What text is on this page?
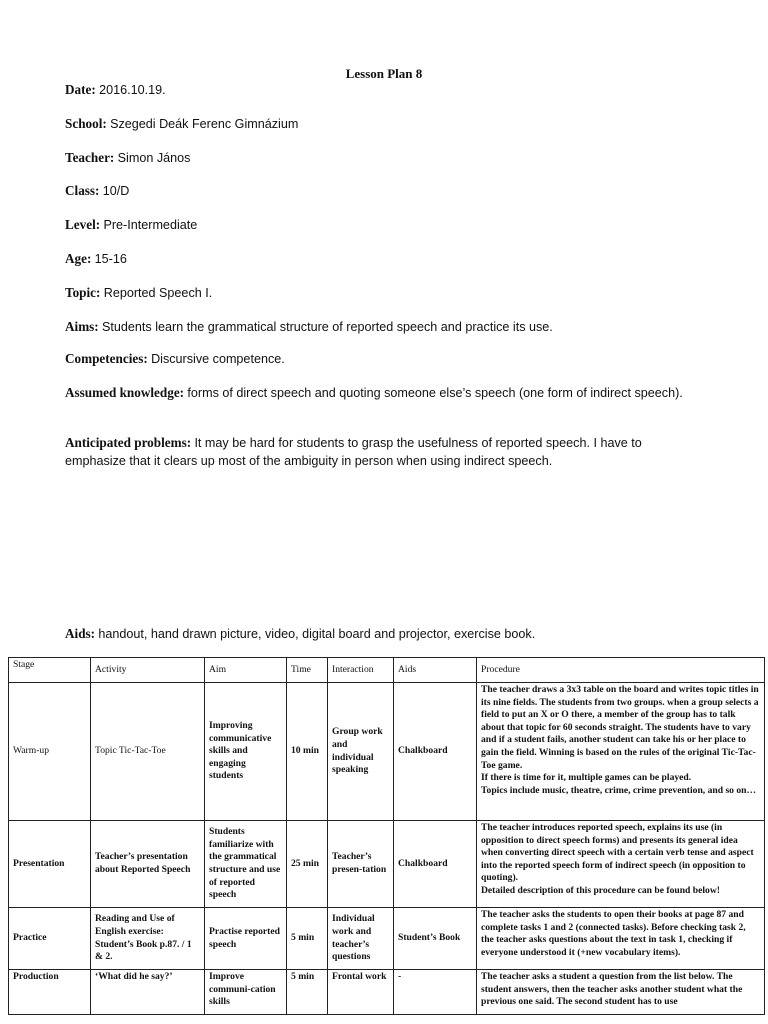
Lesson Plan 8
Date: 2016.10.19.
School: Szegedi Deák Ferenc Gimnázium
Teacher: Simon János
Class: 10/D
Level: Pre-Intermediate
Age: 15-16
Topic: Reported Speech I.
Aims: Students learn the grammatical structure of reported speech and practice its use.
Competencies: Discursive competence.
Assumed knowledge: forms of direct speech and quoting someone else’s speech (one form of indirect speech).
Anticipated problems: It may be hard for students to grasp the usefulness of reported speech. I have to emphasize that it clears up most of the ambiguity in person when using indirect speech.
Aids: handout, hand drawn picture, video, digital board and projector, exercise book.
Stage	Activity	Aim	Time	Interaction	Aids	Procedure
Warm-up	Topic Tic-Tac-Toe	Improving communicative skills and engaging students	10 min	Group work and individual speaking	Chalkboard	The teacher draws a 3x3 table on the board and writes topic titles in its nine fields. The students from two groups. when a group selects a field to put an X or O there, a member of the group has to talk about that topic for 60 seconds straight. The students have to vary and if a student fails, another student can take his or her place to gain the field. Winning is based on the rules of the original Tic-Tac-Toe game.
If there is time for it, multiple games can be played.
Topics include music, theatre, crime, crime prevention, and so on…

Presentation	Teacher’s presentation about Reported Speech	Students familiarize with the grammatical structure and use of reported speech	25 min	Teacher’s presen-tation	Chalkboard	The teacher introduces reported speech, explains its use (in opposition to direct speech forms) and presents its general idea when converting direct speech with a certain verb tense and aspect into the reported speech form of indirect speech (in opposition to quoting).
Detailed description of this procedure can be found below!

Practice	Reading and Use of English exercise: Student’s Book p.87. / 1 & 2.	Practise reported speech	5 min	Individual work and teacher’s questions	Student’s Book	The teacher asks the students to open their books at page 87 and complete tasks 1 and 2 (connected tasks). Before checking task 2, the teacher asks questions about the text in task 1, checking if everyone understood it (+new vocabulary items).

Production	‘What did he say?’	Improve communi-cation skills	5 min	Frontal work	-	The teacher asks a student a question from the list below. The student answers, then the teacher asks another student what the previous one said. The second student has to use
